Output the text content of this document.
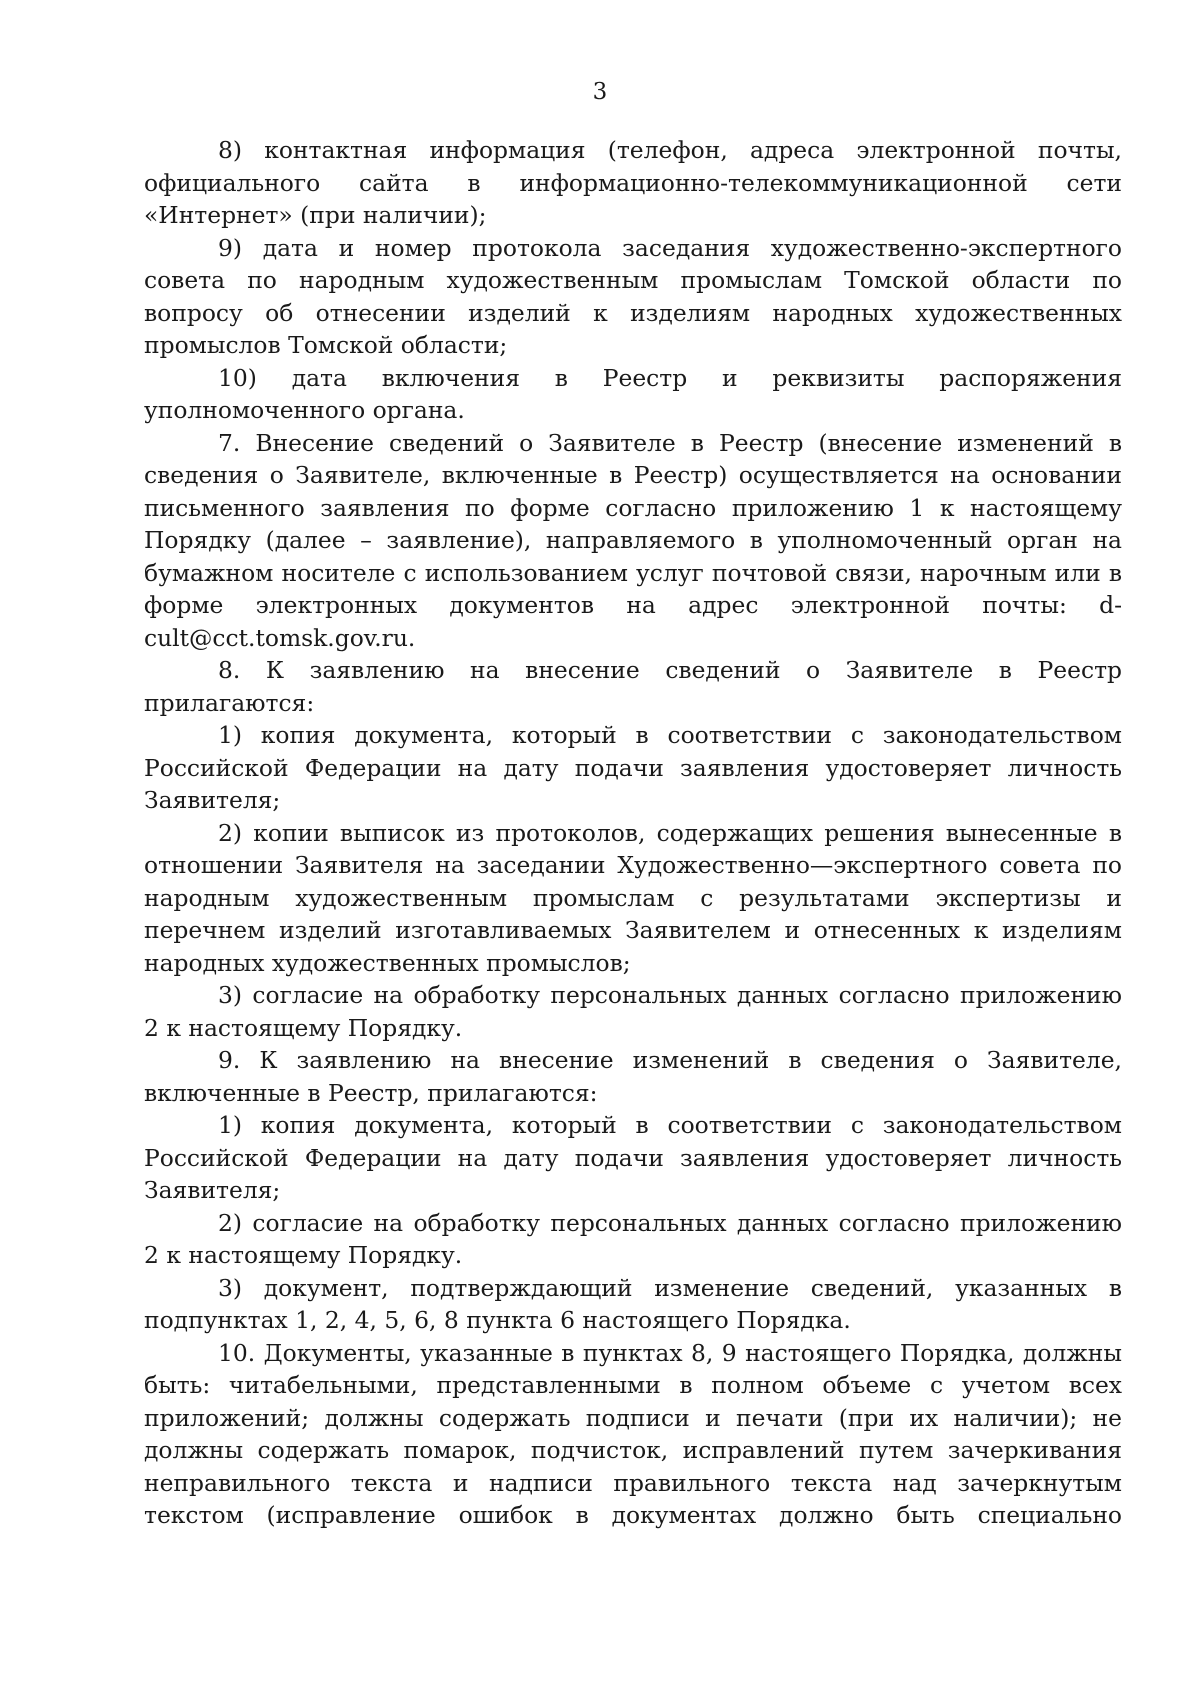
3

8) контактная информация (телефон, адреса электронной почты, официального сайта в информационно-телекоммуникационной сети «Интернет» (при наличии);

9) дата и номер протокола заседания художественно-экспертного совета по народным художественным промыслам Томской области по вопросу об отнесении изделий к изделиям народных художественных промыслов Томской области;

10) дата включения в Реестр и реквизиты распоряжения уполномоченного органа.

7. Внесение сведений о Заявителе в Реестр (внесение изменений в сведения о Заявителе, включенные в Реестр) осуществляется на основании письменного заявления по форме согласно приложению 1 к настоящему Порядку (далее – заявление), направляемого в уполномоченный орган на бумажном носителе с использованием услуг почтовой связи, нарочным или в форме электронных документов на адрес электронной почты: d-cult@cct.tomsk.gov.ru.

8. К заявлению на внесение сведений о Заявителе в Реестр прилагаются:

1) копия документа, который в соответствии с законодательством Российской Федерации на дату подачи заявления удостоверяет личность Заявителя;

2) копии выписок из протоколов, содержащих решения вынесенные в отношении Заявителя на заседании Художественно—экспертного совета по народным художественным промыслам с результатами экспертизы и перечнем изделий изготавливаемых Заявителем и отнесенных к изделиям народных художественных промыслов;

3) согласие на обработку персональных данных согласно приложению 2 к настоящему Порядку.

9. К заявлению на внесение изменений в сведения о Заявителе, включенные в Реестр, прилагаются:

1) копия документа, который в соответствии с законодательством Российской Федерации на дату подачи заявления удостоверяет личность Заявителя;

2) согласие на обработку персональных данных согласно приложению 2 к настоящему Порядку.

3) документ, подтверждающий изменение сведений, указанных в подпунктах 1, 2, 4, 5, 6, 8 пункта 6 настоящего Порядка.

10. Документы, указанные в пунктах 8, 9 настоящего Порядка, должны быть: читабельными, представленными в полном объеме с учетом всех приложений; должны содержать подписи и печати (при их наличии); не должны содержать помарок, подчисток, исправлений путем зачеркивания неправильного текста и надписи правильного текста над зачеркнутым текстом (исправление ошибок в документах должно быть специально
